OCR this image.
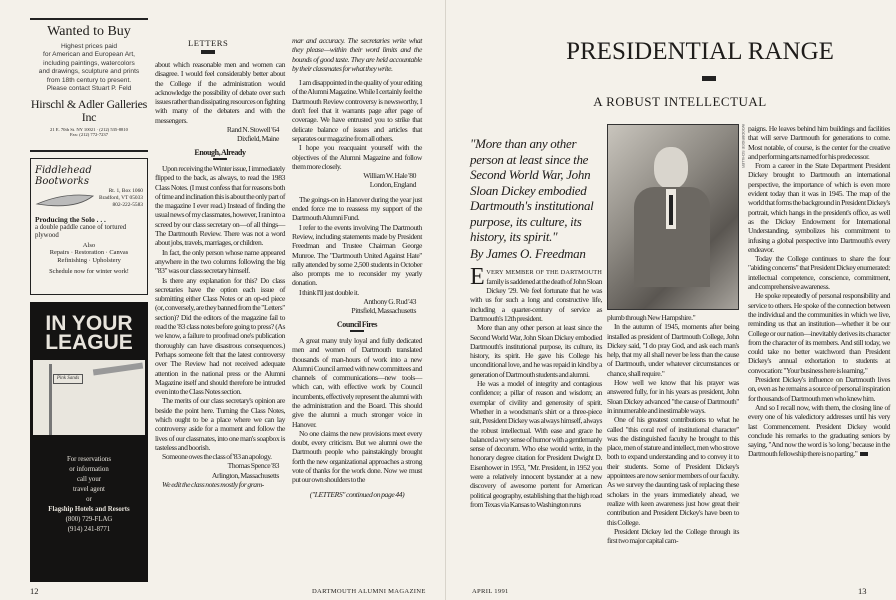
Wanted to Buy
Highest prices paid
for American and European Art,
including paintings, watercolors
and drawings, sculpture and prints
from 18th century to present.
Please contact Stuart P. Feld
Hirschl & Adler Galleries Inc
21 E. 70th St. NY 10021 · (212) 535-8810
Fax: (212) 772-7237
Fiddlehead Bootworks
Rt. 1, Box 1060
Bradford, VT 05033
802-222-5583
Producing the Solo . . .
a double paddle canoe of tortured plywood
Also
Repairs · Restoration · Canvas Refinishing · Upholstery
Schedule now for winter work!
IN YOUR
LEAGUE
Pink Sands
For reservations
or information
call your
travel agent
or
Flagship Hotels and Resorts
(800) 729-FLAG
(914) 241-8771
LETTERS

about which reasonable men and women can disagree. I would feel considerably better about the College if the administration would acknowledge the possibility of debate over such issues rather than dissipating resources on fighting with many of the debaters and with the messengers.

Rand N. Stowell '64
Dixfield, Maine
Enough, Already

Upon receiving the Winter issue, I immediately flipped to the back, as always, to read the 1983 Class Notes. (I must confess that for reasons both of time and inclination this is about the only part of the magazine I ever read.) Instead of finding the usual news of my classmates, however, I ran into a screed by our class secretary on—of all things—The Dartmouth Review. There was not a word about jobs, travels, marriages, or children.

In fact, the only person whose name appeared anywhere in the two columns following the big "83" was our class secretary himself.

Is there any explanation for this? Do class secretaries have the option each issue of submitting either Class Notes or an op-ed piece (or, conversely, are they banned from the "Letters" section)? Did the editors of the magazine fail to read the '83 class notes before going to press? (As we know, a failure to proofread one's publication thoroughly can have disastrous consequences.) Perhaps someone felt that the latest controversy over The Review had not received adequate attention in the national press or the Alumni Magazine itself and should therefore be intruded even into the Class Notes section.

The merits of our class secretary's opinion are beside the point here. Turning the Class Notes, which ought to be a place where we can lay controversy aside for a moment and follow the lives of our classmates, into one man's soapbox is tasteless and boorish.

Someone owes the class of '83 an apology.

Thomas Spence '83
Arlington, Massachusetts

We edit the class notes mostly for gram-

mar and accuracy. The secretaries write what they please—within their word limits and the bounds of good taste. They are held accountable by their classmates for what they write.

I am disappointed in the quality of your editing of the Alumni Magazine. While I certainly feel the Dartmouth Review controversy is newsworthy, I don't feel that it warrants page after page of coverage. We have entrusted you to strike that delicate balance of issues and articles that separates our magazine from all others.

I hope you reacquaint yourself with the objectives of the Alumni Magazine and follow them more closely.

William W. Hale '80
London, England

The goings-on in Hanover during the year just ended force me to reassess my support of the Dartmouth Alumni Fund.

I refer to the events involving The Dartmouth Review, including statements made by President Freedman and Trustee Chairman George Munroe. The "Dartmouth United Against Hate" rally attended by some 2,500 students in October also prompts me to reconsider my yearly donation.

I think I'll just double it.

Anthony G. Rud '43
Pittsfield, Massachusetts
Council Fires

A great many truly loyal and fully dedicated men and women of Dartmouth translated thousands of man-hours of work into a new Alumni Council armed with new committees and channels of communications—new tools—which can, with effective work by Council incumbents, effectively represent the alumni with the administration and the Board. This should give the alumni a much stronger voice in Hanover.

No one claims the new provisions meet every doubt, every criticism. But we alumni owe the Dartmouth people who painstakingly brought forth the new organizational approaches a strong vote of thanks for the work done. Now we must put our own shoulders to the

("LETTERS" continued on page 44)
PRESIDENTIAL RANGE
A ROBUST INTELLECTUAL
"More than any other person at least since the Second World War, John Sloan Dickey embodied Dartmouth's institutional purpose, its culture, its history, its spirit."
By James O. Freedman

EVERY MEMBER OF THE DARTMOUTH family is saddened at the death of John Sloan Dickey '29. We feel fortunate that he was with us for such a long and constructive life, including a quarter-century of service as Dartmouth's 12th president.

More than any other person at least since the Second World War, John Sloan Dickey embodied Dartmouth's institutional purpose, its culture, its history, its spirit. He gave his College his unconditional love, and he was repaid in kind by a generation of Dartmouth students and alumni.

He was a model of integrity and contagious confidence; a pillar of reason and wisdom; an exemplar of civility and generosity of spirit. Whether in a woodsman's shirt or a three-piece suit, President Dickey was always himself, always the robust intellectual. With ease and grace he balanced a wry sense of humor with a gentlemanly sense of decorum. Who else would write, in the honorary degree citation for President Dwight D. Eisenhower in 1953, "Mr. President, in 1952 you were a relatively innocent bystander at a new discovery of awesome portent for American political geography, establishing that the high road from Texas via Kansas to Washington runs

WOODBRIDGE SCHILLER

plumb through New Hampshire."

In the autumn of 1945, moments after being installed as president of Dartmouth College, John Dickey said, "I do pray God, and ask each man's help, that my all shall never be less than the cause of Dartmouth, under whatever circumstances or chance, shall require."

How well we know that his prayer was answered fully, for in his years as president, John Sloan Dickey advanced "the cause of Dartmouth" in innumerable and inestimable ways.

One of his greatest contributions to what he called "this coral reef of institutional character" was the distinguished faculty he brought to this place, men of stature and intellect, men who strove both to expand understanding and to convey it to their students. Some of President Dickey's appointees are now senior members of our faculty. As we survey the daunting task of replacing these scholars in the years immediately ahead, we realize with keen awareness just how great their contribution and President Dickey's have been to this College.

President Dickey led the College through its first two major capital cam-

paigns. He leaves behind him buildings and facilities that will serve Dartmouth for generations to come. Most notable, of course, is the center for the creative and performing arts named for his predecessor.

From a career in the State Department President Dickey brought to Dartmouth an international perspective, the importance of which is even more evident today than it was in 1945. The map of the world that forms the background in President Dickey's portrait, which hangs in the president's office, as well as the Dickey Endowment for International Understanding, symbolizes his commitment to infusing a global perspective into Dartmouth's every endeavor.

Today the College continues to share the four "abiding concerns" that President Dickey enumerated: intellectual competence, conscience, commitment, and comprehensive awareness.

He spoke repeatedly of personal responsibility and service to others. He spoke of the connection between the individual and the communities in which we live, reminding us that an institution—whether it be our College or our nation—inevitably derives its character from the character of its members. And still today, we could take no better watchword than President Dickey's annual exhortation to students at convocation: "Your business here is learning."

President Dickey's influence on Dartmouth lives on, even as he remains a source of personal inspiration for thousands of Dartmouth men who knew him.

And so I recall now, with them, the closing line of every one of his valedictory addresses until his very last Commencement. President Dickey would conclude his remarks to the graduating seniors by saying, "And now the word is 'so long,' because in the Dartmouth fellowship there is no parting."

12	DARTMOUTH ALUMNI MAGAZINE	APRIL 1991	13
